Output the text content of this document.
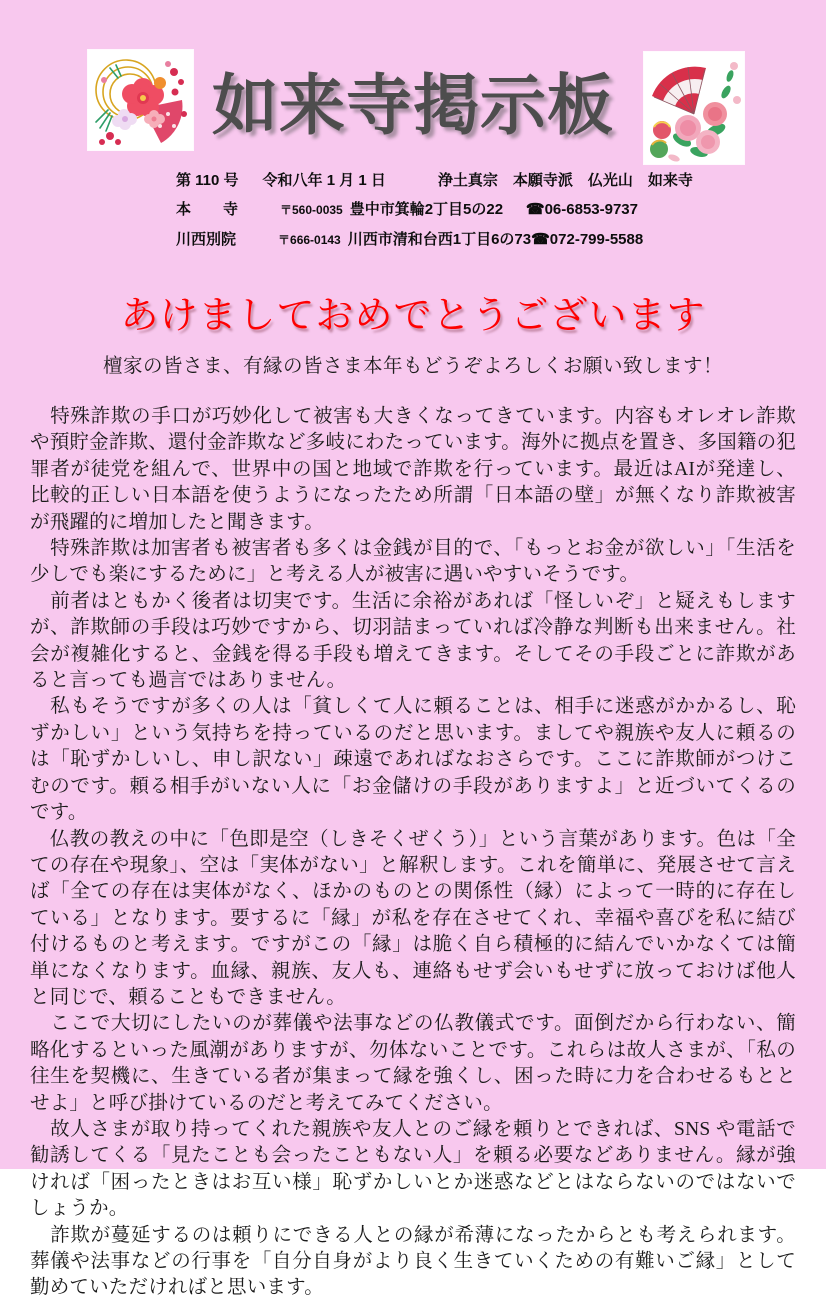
如来寺掲示板
第 110 号 令和八年 1 月 1 日	浄土真宗　本願寺派　仏光山　如来寺
本　寺	〒560-0035 豊中市箕輪2丁目5の22 ☎06-6853-9737
川西別院	〒666-0143 川西市清和台西1丁目6の73 ☎072-799-5588
あけましておめでとうございます
檀家の皆さま、有縁の皆さま本年もどうぞよろしくお願い致します！

　特殊詐欺の手口が巧妙化して被害も大きくなってきています。内容もオレオレ詐欺や預貯金詐欺、還付金詐欺など多岐にわたっています。海外に拠点を置き、多国籍の犯罪者が徒党を組んで、世界中の国と地域で詐欺を行っています。最近はAIが発達し、比較的正しい日本語を使うようになったため所謂「日本語の壁」が無くなり詐欺被害が飛躍的に増加したと聞きます。

　特殊詐欺は加害者も被害者も多くは金銭が目的で、「もっとお金が欲しい」「生活を少しでも楽にするために」と考える人が被害に遇いやすいそうです。

　前者はともかく後者は切実です。生活に余裕があれば「怪しいぞ」と疑えもしますが、詐欺師の手段は巧妙ですから、切羽詰まっていれば冷静な判断も出来ません。社会が複雑化すると、金銭を得る手段も増えてきます。そしてその手段ごとに詐欺があると言っても過言ではありません。

　私もそうですが多くの人は「貧しくて人に頼ることは、相手に迷惑がかかるし、恥ずかしい」という気持ちを持っているのだと思います。ましてや親族や友人に頼るのは「恥ずかしいし、申し訳ない」疎遠であればなおさらです。ここに詐欺師がつけこむのです。頼る相手がいない人に「お金儲けの手段がありますよ」と近づいてくるのです。

　仏教の教えの中に「色即是空（しきそくぜくう）」という言葉があります。色は「全ての存在や現象」、空は「実体がない」と解釈します。これを簡単に、発展させて言えば「全ての存在は実体がなく、ほかのものとの関係性（縁）によって一時的に存在している」となります。要するに「縁」が私を存在させてくれ、幸福や喜びを私に結び付けるものと考えます。ですがこの「縁」は脆く自ら積極的に結んでいかなくては簡単になくなります。血縁、親族、友人も、連絡もせず会いもせずに放っておけば他人と同じで、頼ることもできません。

　ここで大切にしたいのが葬儀や法事などの仏教儀式です。面倒だから行わない、簡略化するといった風潮がありますが、勿体ないことです。これらは故人さまが、「私の往生を契機に、生きている者が集まって縁を強くし、困った時に力を合わせるもととせよ」と呼び掛けているのだと考えてみてください。

　故人さまが取り持ってくれた親族や友人とのご縁を頼りとできれば、SNS や電話で勧誘してくる「見たことも会ったこともない人」を頼る必要などありません。縁が強ければ「困ったときはお互い様」恥ずかしいとか迷惑などとはならないのではないでしょうか。

　詐欺が蔓延するのは頼りにできる人との縁が希薄になったからとも考えられます。葬儀や法事などの行事を「自分自身がより良く生きていくための有難いご縁」として勤めていただければと思います。
